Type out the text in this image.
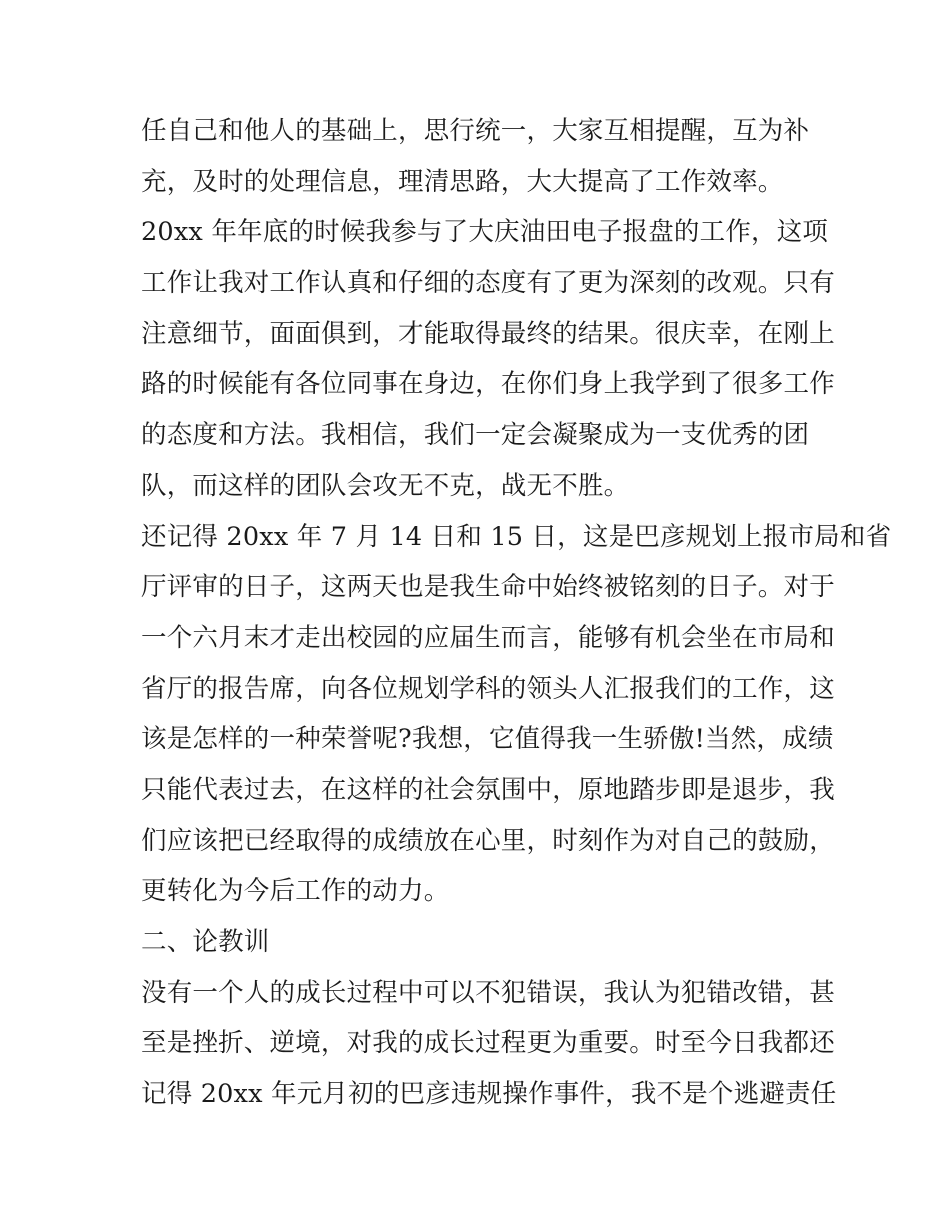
任自己和他人的基础上，思行统一，大家互相提醒，互为补
充，及时的处理信息，理清思路，大大提高了工作效率。
20xx 年年底的时候我参与了大庆油田电子报盘的工作，这项
工作让我对工作认真和仔细的态度有了更为深刻的改观。只有
注意细节，面面俱到，才能取得最终的结果。很庆幸，在刚上
路的时候能有各位同事在身边，在你们身上我学到了很多工作
的态度和方法。我相信，我们一定会凝聚成为一支优秀的团
队，而这样的团队会攻无不克，战无不胜。
还记得 20xx 年 7 月 14 日和 15 日，这是巴彦规划上报市局和省
厅评审的日子，这两天也是我生命中始终被铭刻的日子。对于
一个六月末才走出校园的应届生而言，能够有机会坐在市局和
省厅的报告席，向各位规划学科的领头人汇报我们的工作，这
该是怎样的一种荣誉呢?我想，它值得我一生骄傲!当然，成绩
只能代表过去，在这样的社会氛围中，原地踏步即是退步，我
们应该把已经取得的成绩放在心里，时刻作为对自己的鼓励，
更转化为今后工作的动力。
二、论教训
没有一个人的成长过程中可以不犯错误，我认为犯错改错，甚
至是挫折、逆境，对我的成长过程更为重要。时至今日我都还
记得 20xx 年元月初的巴彦违规操作事件，我不是个逃避责任
